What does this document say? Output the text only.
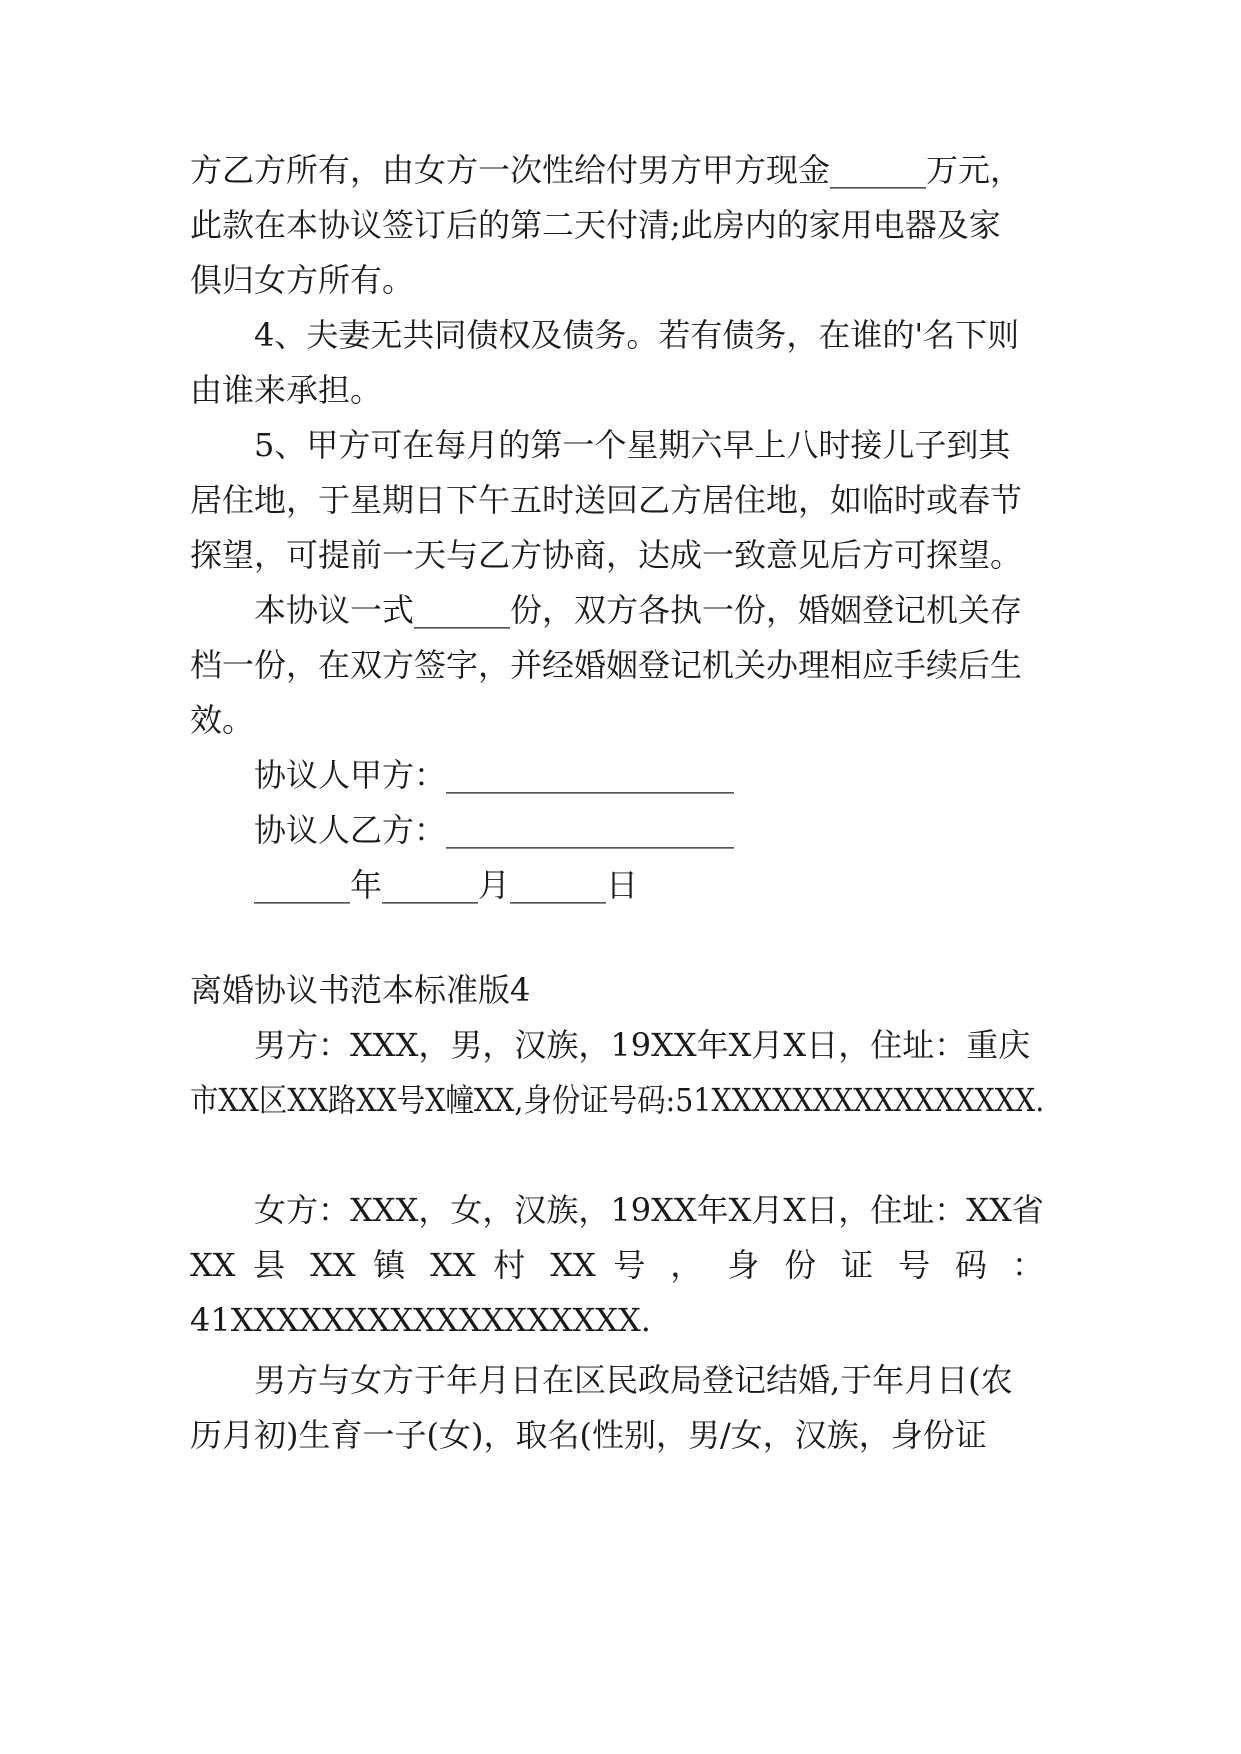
方乙方所有，由女方一次性给付男方甲方现金______万元，

此款在本协议签订后的第二天付清;此房内的家用电器及家

俱归女方所有。

4、夫妻无共同债权及债务。若有债务，在谁的'名下则

由谁来承担。

5、甲方可在每月的第一个星期六早上八时接儿子到其

居住地，于星期日下午五时送回乙方居住地，如临时或春节

探望，可提前一天与乙方协商，达成一致意见后方可探望。

本协议一式______份，双方各执一份，婚姻登记机关存

档一份，在双方签字，并经婚姻登记机关办理相应手续后生

效。

协议人甲方：__________________

协议人乙方：__________________

______年______月______日

离婚协议书范本标准版4

男方：XXX，男，汉族，19XX年X月X日，住址：重庆

市XX区XX路XX号X幢XX,身份证号码:51XXXXXXXXXXXXXXXX.

女方：XXX，女，汉族，19XX年X月X日，住址：XX省

XX 县 XX 镇 XX 村 XX 号 ， 身 份 证 号 码 ：

41XXXXXXXXXXXXXXXXXX.

男方与女方于年月日在区民政局登记结婚,于年月日(农

历月初)生育一子(女)，取名(性别，男/女，汉族，身份证
